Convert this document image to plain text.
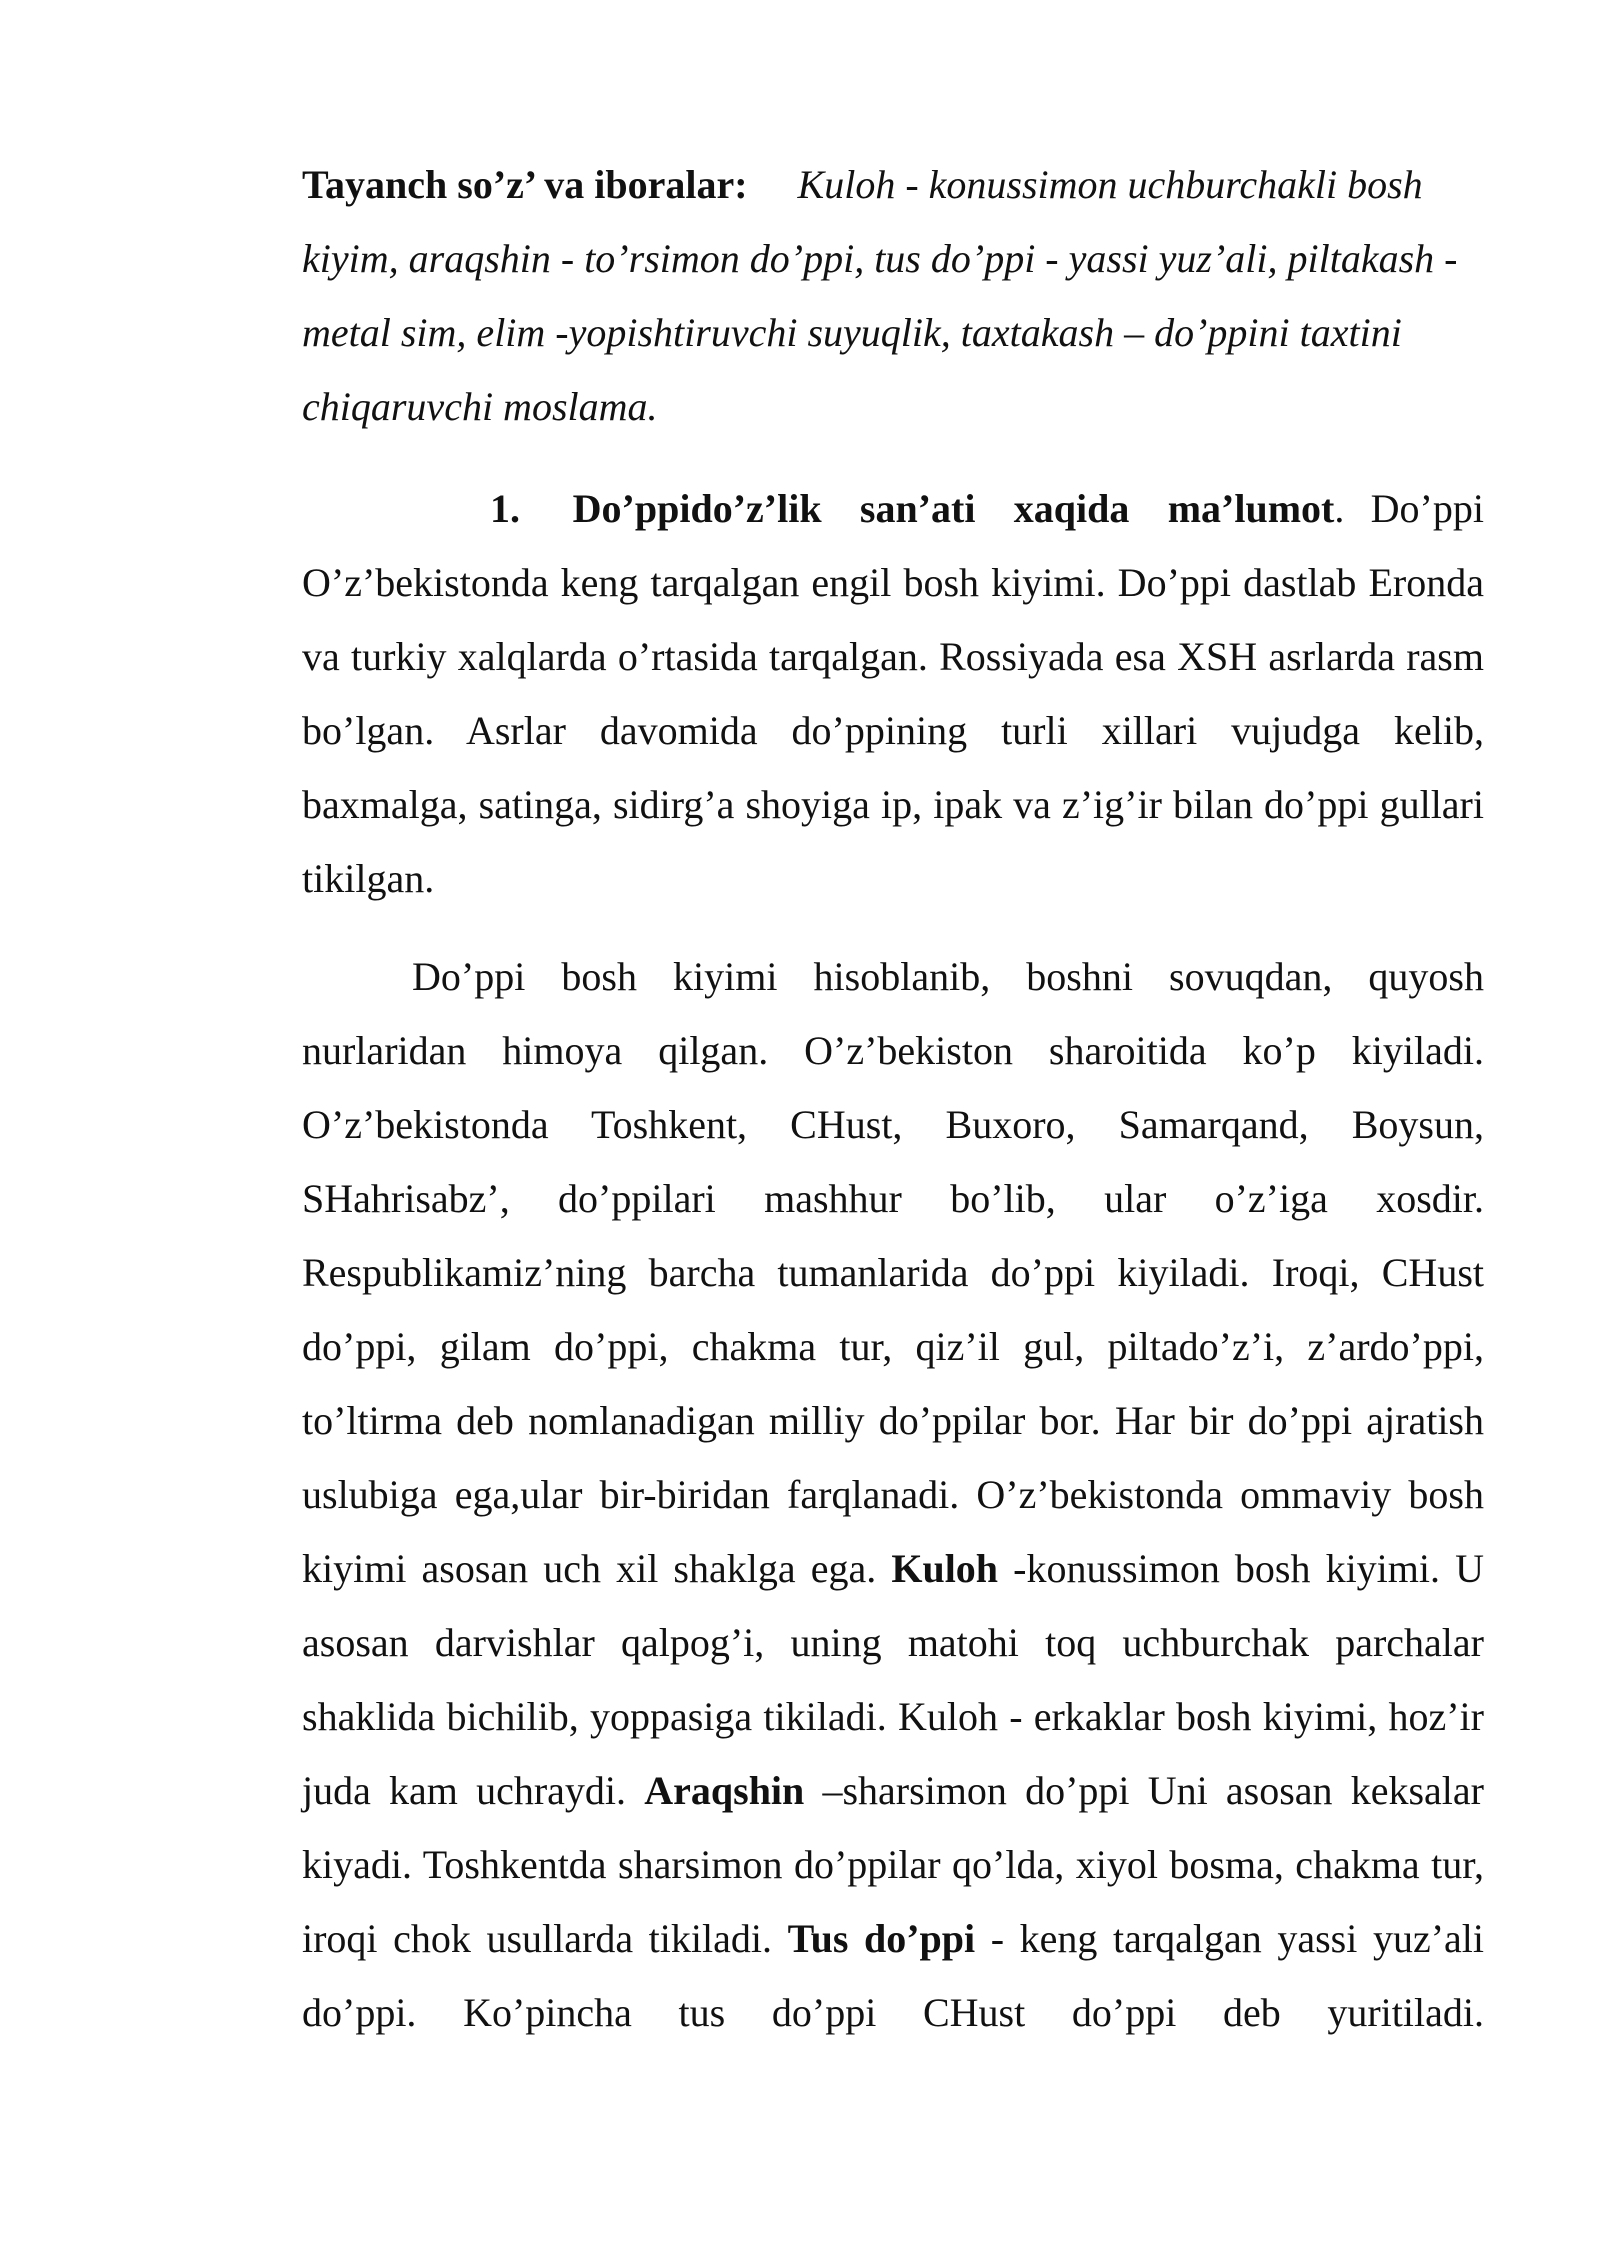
Tayanch so’z’ va iboralar: Kuloh - konussimon uchburchakli bosh kiyim, araqshin - to’rsimon do’ppi, tus do’ppi - yassi yuz’ali, piltakash - metal sim, elim -yopishtiruvchi suyuqlik, taxtakash – do’ppini taxtini chiqaruvchi moslama.

1. Do’ppido’z’lik san’ati xaqida ma’lumot. Do’ppi O’z’bekistonda keng tarqalgan engil bosh kiyimi. Do’ppi dastlab Eronda va turkiy xalqlarda o’rtasida tarqalgan. Rossiyada esa XSH asrlarda rasm bo’lgan. Asrlar davomida do’ppining turli xillari vujudga kelib, baxmalga, satinga, sidirg’a shoyiga ip, ipak va z’ig’ir bilan do’ppi gullari tikilgan.

Do’ppi bosh kiyimi hisoblanib, boshni sovuqdan, quyosh nurlaridan himoya qilgan. O’z’bekiston sharoitida ko’p kiyiladi. O’z’bekistonda Toshkent, CHust, Buxoro, Samarqand, Boysun, SHahrisabz’, do’ppilari mashhur bo’lib, ular o’z’iga xosdir. Respublikamiz’ning barcha tumanlarida do’ppi kiyiladi. Iroqi, CHust do’ppi, gilam do’ppi, chakma tur, qiz’il gul, piltado’z’i, z’ardo’ppi, to’ltirma deb nomlanadigan milliy do’ppilar bor. Har bir do’ppi ajratish uslubiga ega,ular bir-biridan farqlanadi. O’z’bekistonda ommaviy bosh kiyimi asosan uch xil shaklga ega. Kuloh -konussimon bosh kiyimi. U asosan darvishlar qalpog’i, uning matohi toq uchburchak parchalar shaklida bichilib, yoppasiga tikiladi. Kuloh - erkaklar bosh kiyimi, hoz’ir juda kam uchraydi. Araqshin –sharsimon do’ppi Uni asosan keksalar kiyadi. Toshkentda sharsimon do’ppilar qo’lda, xiyol bosma, chakma tur, iroqi chok usullarda tikiladi. Tus do’ppi - keng tarqalgan yassi yuz’ali do’ppi. Ko’pincha tus do’ppi CHust do’ppi deb yuritiladi.
